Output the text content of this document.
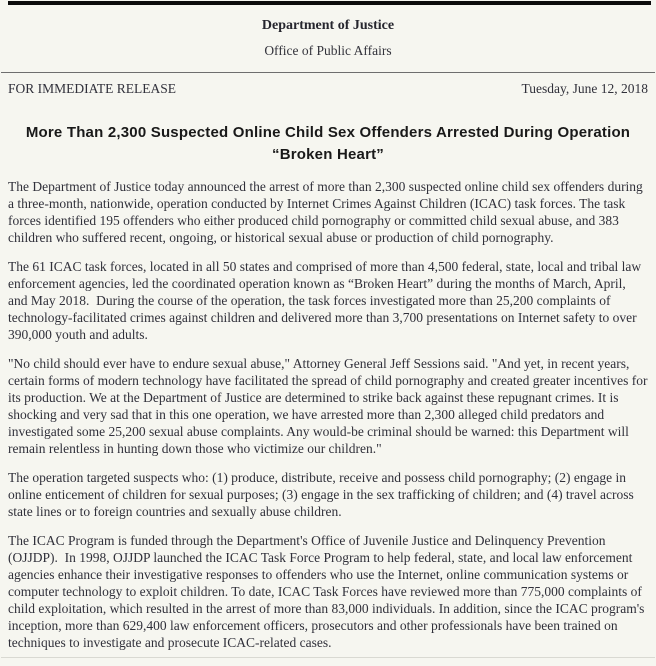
Department of Justice
Office of Public Affairs
FOR IMMEDIATE RELEASE	Tuesday, June 12, 2018
More Than 2,300 Suspected Online Child Sex Offenders Arrested During Operation “Broken Heart”

The Department of Justice today announced the arrest of more than 2,300 suspected online child sex offenders during a three-month, nationwide, operation conducted by Internet Crimes Against Children (ICAC) task forces. The task forces identified 195 offenders who either produced child pornography or committed child sexual abuse, and 383 children who suffered recent, ongoing, or historical sexual abuse or production of child pornography.

The 61 ICAC task forces, located in all 50 states and comprised of more than 4,500 federal, state, local and tribal law enforcement agencies, led the coordinated operation known as “Broken Heart” during the months of March, April, and May 2018.  During the course of the operation, the task forces investigated more than 25,200 complaints of technology-facilitated crimes against children and delivered more than 3,700 presentations on Internet safety to over 390,000 youth and adults.

"No child should ever have to endure sexual abuse," Attorney General Jeff Sessions said. "And yet, in recent years, certain forms of modern technology have facilitated the spread of child pornography and created greater incentives for its production. We at the Department of Justice are determined to strike back against these repugnant crimes. It is shocking and very sad that in this one operation, we have arrested more than 2,300 alleged child predators and investigated some 25,200 sexual abuse complaints. Any would-be criminal should be warned: this Department will remain relentless in hunting down those who victimize our children."

The operation targeted suspects who: (1) produce, distribute, receive and possess child pornography; (2) engage in online enticement of children for sexual purposes; (3) engage in the sex trafficking of children; and (4) travel across state lines or to foreign countries and sexually abuse children.

The ICAC Program is funded through the Department's Office of Juvenile Justice and Delinquency Prevention (OJJDP).  In 1998, OJJDP launched the ICAC Task Force Program to help federal, state, and local law enforcement agencies enhance their investigative responses to offenders who use the Internet, online communication systems or computer technology to exploit children. To date, ICAC Task Forces have reviewed more than 775,000 complaints of child exploitation, which resulted in the arrest of more than 83,000 individuals. In addition, since the ICAC program's inception, more than 629,400 law enforcement officers, prosecutors and other professionals have been trained on techniques to investigate and prosecute ICAC-related cases.
